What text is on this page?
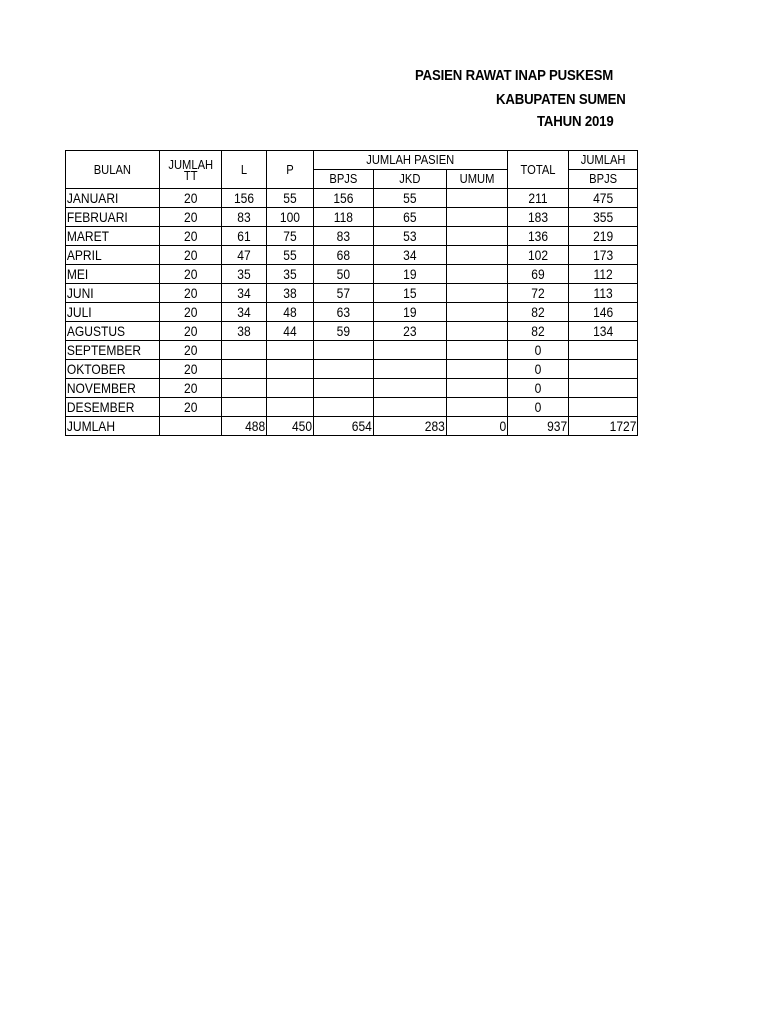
PASIEN RAWAT INAP PUSKESM
KABUPATEN SUMEN
TAHUN 2019
BULAN	JUMLAH
TT	L	P	JUMLAH PASIEN			TOTAL	JUMLAH

				BPJS	JKD	UMUM		BPJS

JANUARI	20	156	55	156	55		211	475

FEBRUARI	20	83	100	118	65		183	355

MARET	20	61	75	83	53		136	219

APRIL	20	47	55	68	34		102	173

MEI	20	35	35	50	19		69	112

JUNI	20	34	38	57	15		72	113

JULI	20	34	48	63	19		82	146

AGUSTUS	20	38	44	59	23		82	134

SEPTEMBER	20						0	

OKTOBER	20						0	

NOVEMBER	20						0	

DESEMBER	20						0	

JUMLAH		488	450	654	283	0	937	1727
